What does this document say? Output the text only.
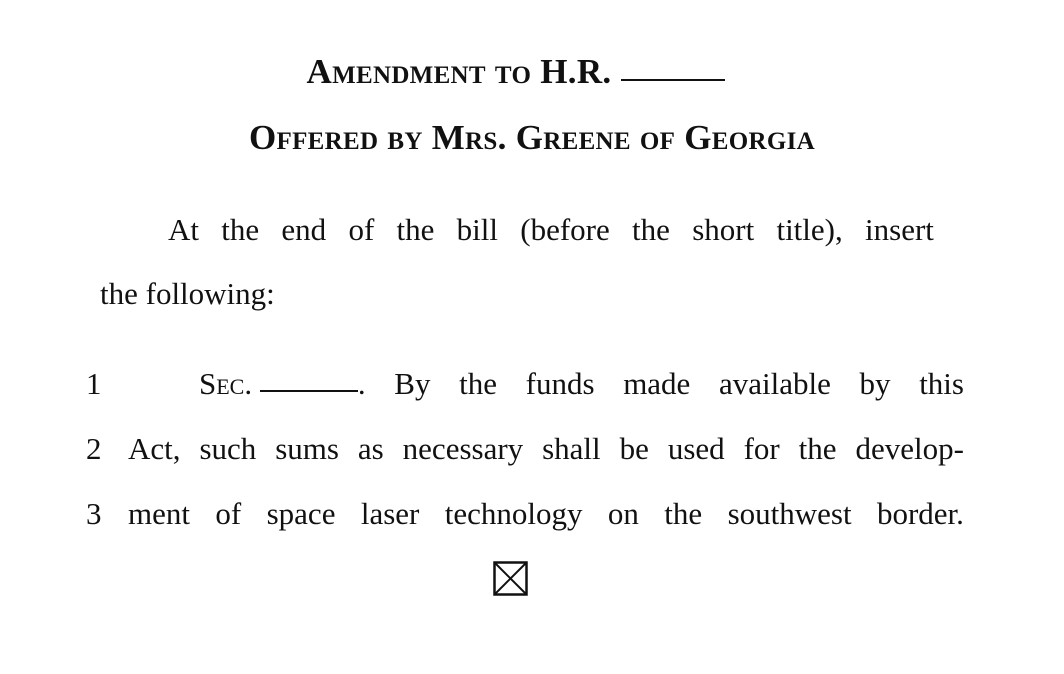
Amendment to H.R.
Offered by Mrs. Greene of Georgia
At the end of the bill (before the short title), insert
the following:
1
2
3
Sec.	. By the funds made available by this
Act, such sums as necessary shall be used for the develop-
ment of space laser technology on the southwest border.
